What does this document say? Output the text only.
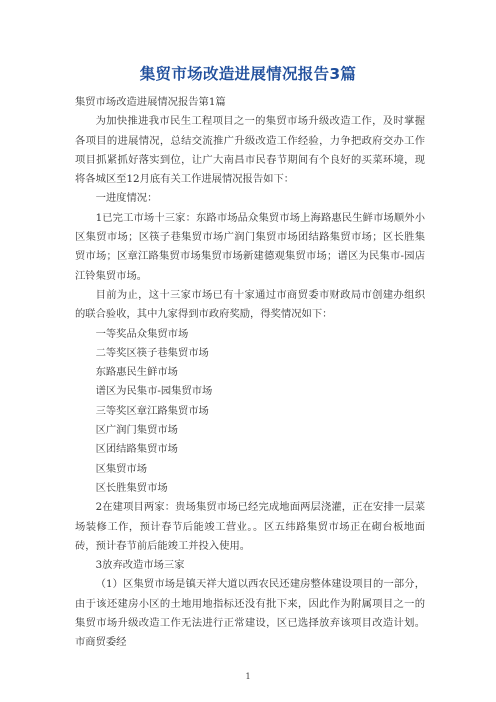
集贸市场改造进展情况报告3篇

集贸市场改造进展情况报告第1篇

为加快推进我市民生工程项目之一的集贸市场升级改造工作，及时掌握各项目的进展情况，总结交流推广升级改造工作经验，力争把政府交办工作项目抓紧抓好落实到位，让广大南昌市民春节期间有个良好的买菜环境，现将各城区至12月底有关工作进展情况报告如下：

一进度情况：

1已完工市场十三家：东路市场品众集贸市场上海路惠民生鲜市场顺外小区集贸市场；区筷子巷集贸市场广润门集贸市场团结路集贸市场；区长胜集贸市场；区章江路集贸市场集贸市场新建德观集贸市场；谱区为民集市-园店江铃集贸市场。

目前为止，这十三家市场已有十家通过市商贸委市财政局市创建办组织的联合验收，其中九家得到市政府奖励，得奖情况如下：

一等奖品众集贸市场

二等奖区筷子巷集贸市场

东路惠民生鲜市场

谱区为民集市-园集贸市场

三等奖区章江路集贸市场

区广润门集贸市场

区团结路集贸市场

区集贸市场

区长胜集贸市场

2在建项目两家：贵场集贸市场已经完成地面两层浇灌，正在安排一层菜场装修工作，预计春节后能竣工营业。。区五纬路集贸市场正在砌台板地面砖，预计春节前后能竣工并投入使用。

3放弃改造市场三家

（1）区集贸市场是镇天祥大道以西农民还建房整体建设项目的一部分，由于该还建房小区的土地用地指标还没有批下来，因此作为附属项目之一的集贸市场升级改造工作无法进行正常建设，区已选择放弃该项目改造计划。市商贸委经

1
